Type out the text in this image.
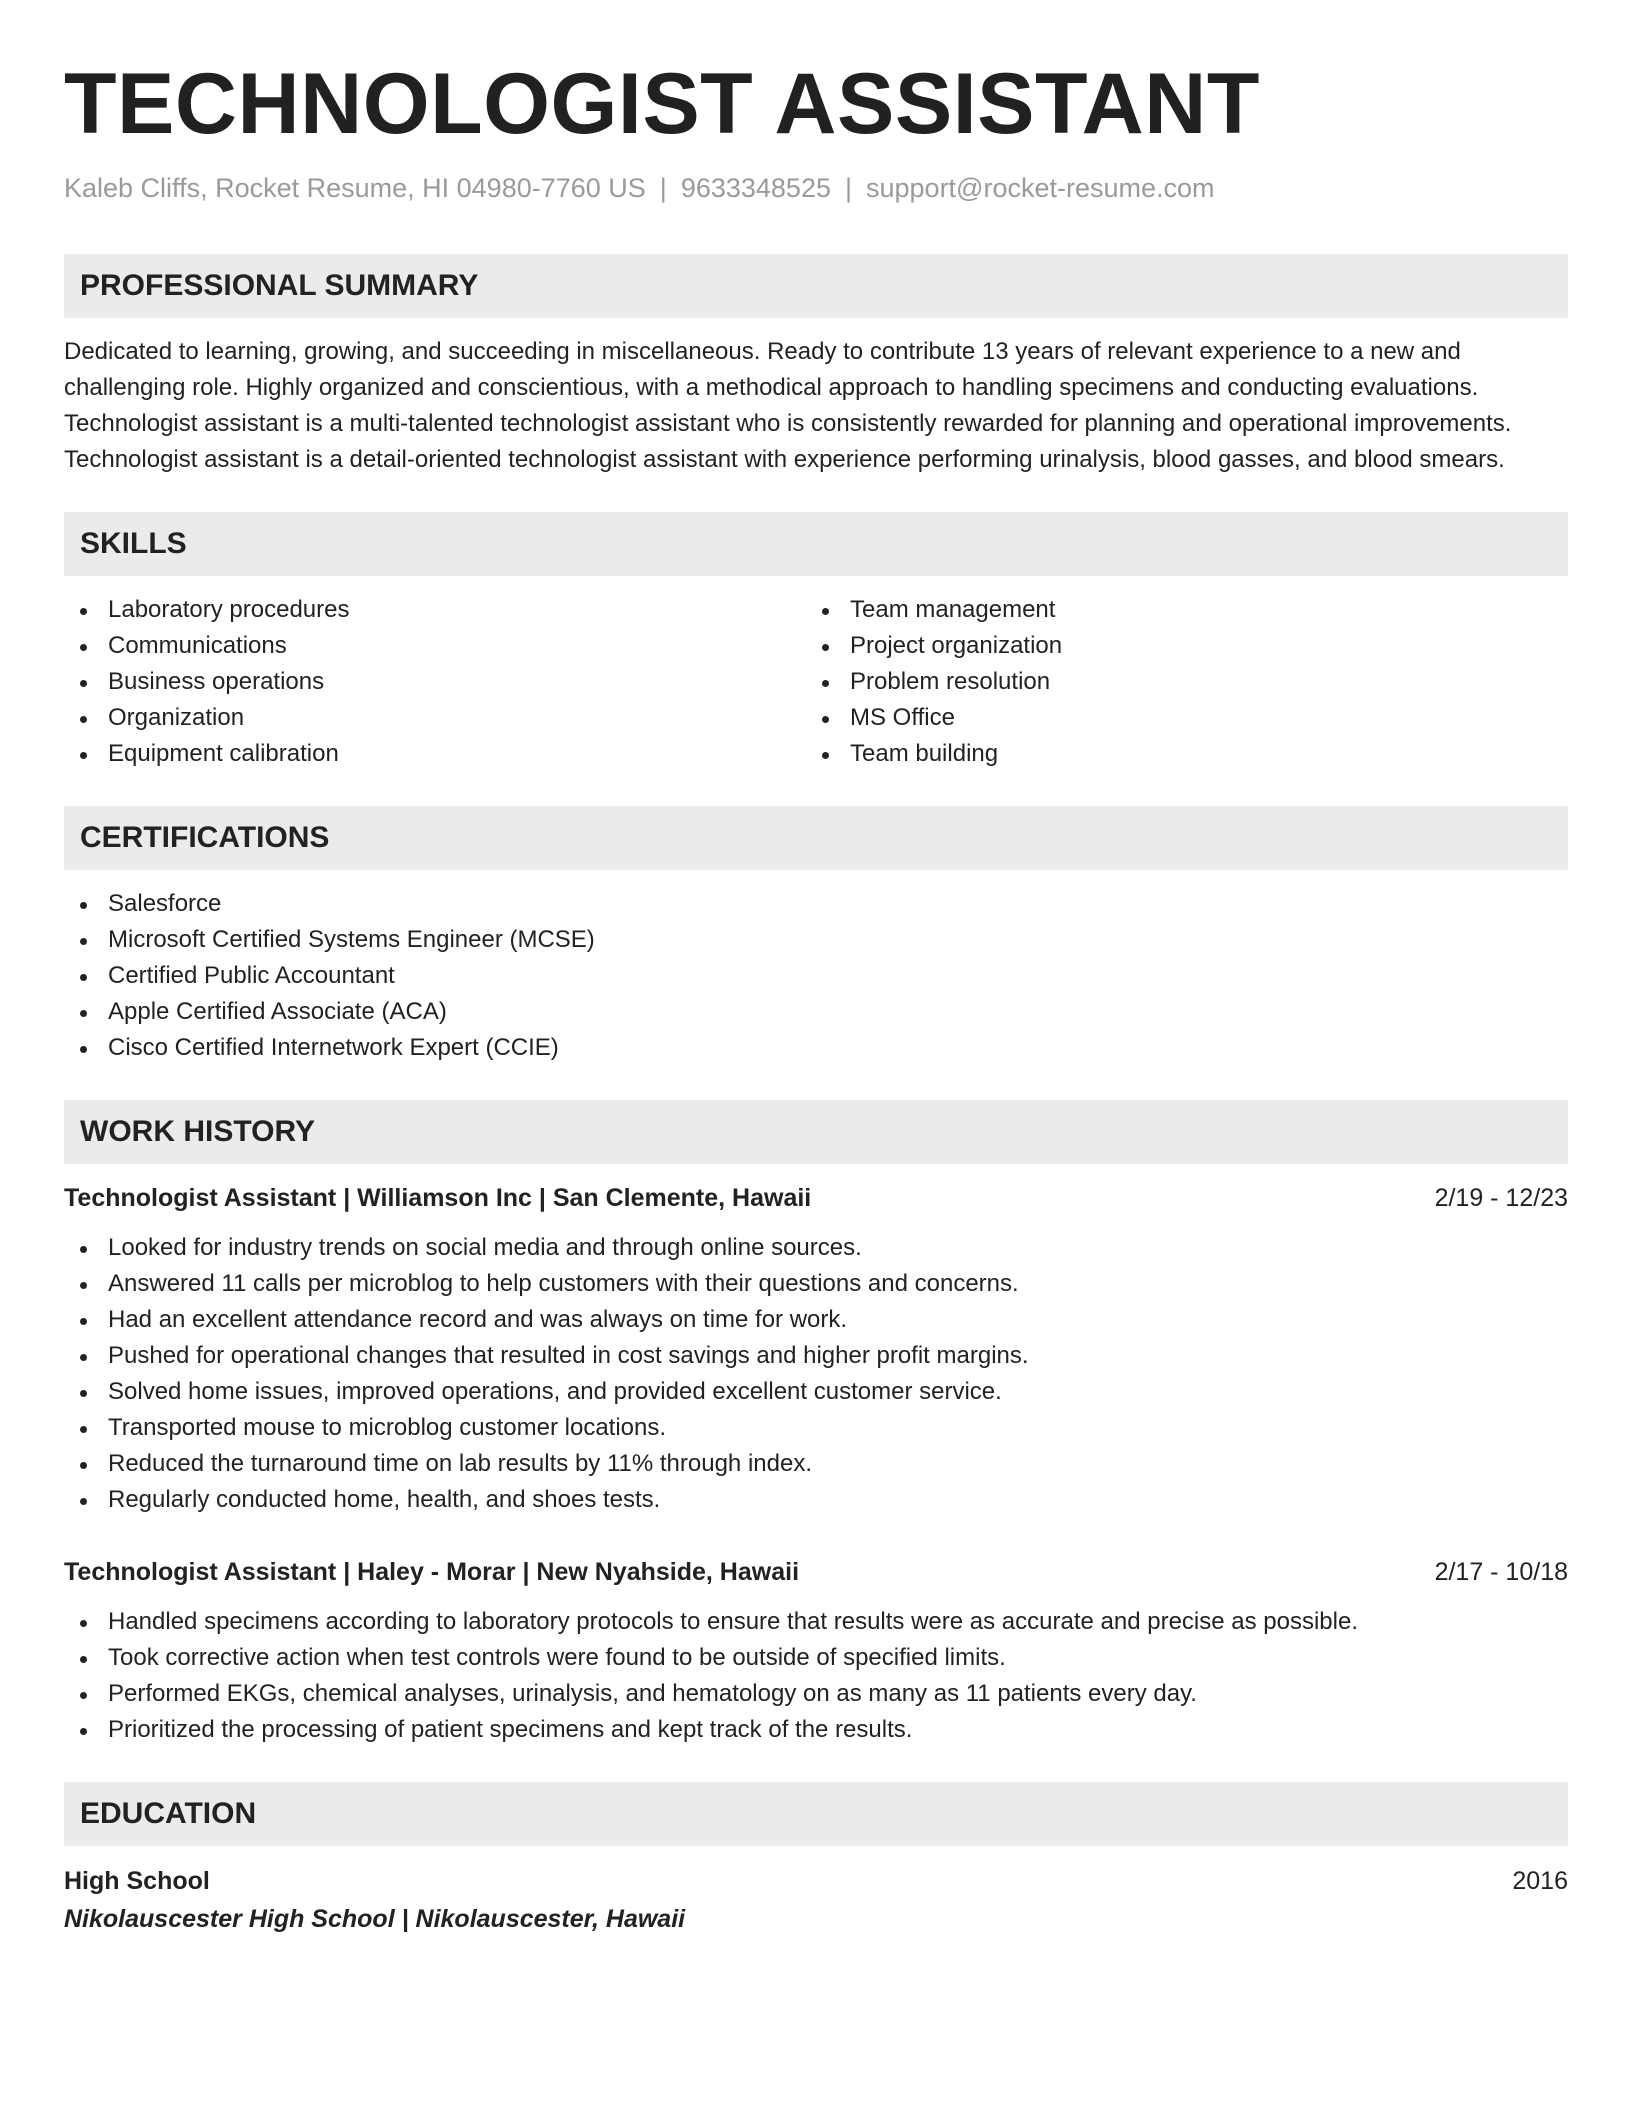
TECHNOLOGIST ASSISTANT
Kaleb Cliffs, Rocket Resume, HI 04980-7760 US | 9633348525 | support@rocket-resume.com
PROFESSIONAL SUMMARY
Dedicated to learning, growing, and succeeding in miscellaneous. Ready to contribute 13 years of relevant experience to a new and challenging role. Highly organized and conscientious, with a methodical approach to handling specimens and conducting evaluations. Technologist assistant is a multi-talented technologist assistant who is consistently rewarded for planning and operational improvements. Technologist assistant is a detail-oriented technologist assistant with experience performing urinalysis, blood gasses, and blood smears.
SKILLS
Laboratory procedures
Communications
Business operations
Organization
Equipment calibration
Team management
Project organization
Problem resolution
MS Office
Team building
CERTIFICATIONS
Salesforce
Microsoft Certified Systems Engineer (MCSE)
Certified Public Accountant
Apple Certified Associate (ACA)
Cisco Certified Internetwork Expert (CCIE)
WORK HISTORY
Technologist Assistant | Williamson Inc | San Clemente, Hawaii	2/19 - 12/23
Looked for industry trends on social media and through online sources.
Answered 11 calls per microblog to help customers with their questions and concerns.
Had an excellent attendance record and was always on time for work.
Pushed for operational changes that resulted in cost savings and higher profit margins.
Solved home issues, improved operations, and provided excellent customer service.
Transported mouse to microblog customer locations.
Reduced the turnaround time on lab results by 11% through index.
Regularly conducted home, health, and shoes tests.
Technologist Assistant | Haley - Morar | New Nyahside, Hawaii	2/17 - 10/18
Handled specimens according to laboratory protocols to ensure that results were as accurate and precise as possible.
Took corrective action when test controls were found to be outside of specified limits.
Performed EKGs, chemical analyses, urinalysis, and hematology on as many as 11 patients every day.
Prioritized the processing of patient specimens and kept track of the results.
EDUCATION
High School	2016
Nikolauscester High School | Nikolauscester, Hawaii
